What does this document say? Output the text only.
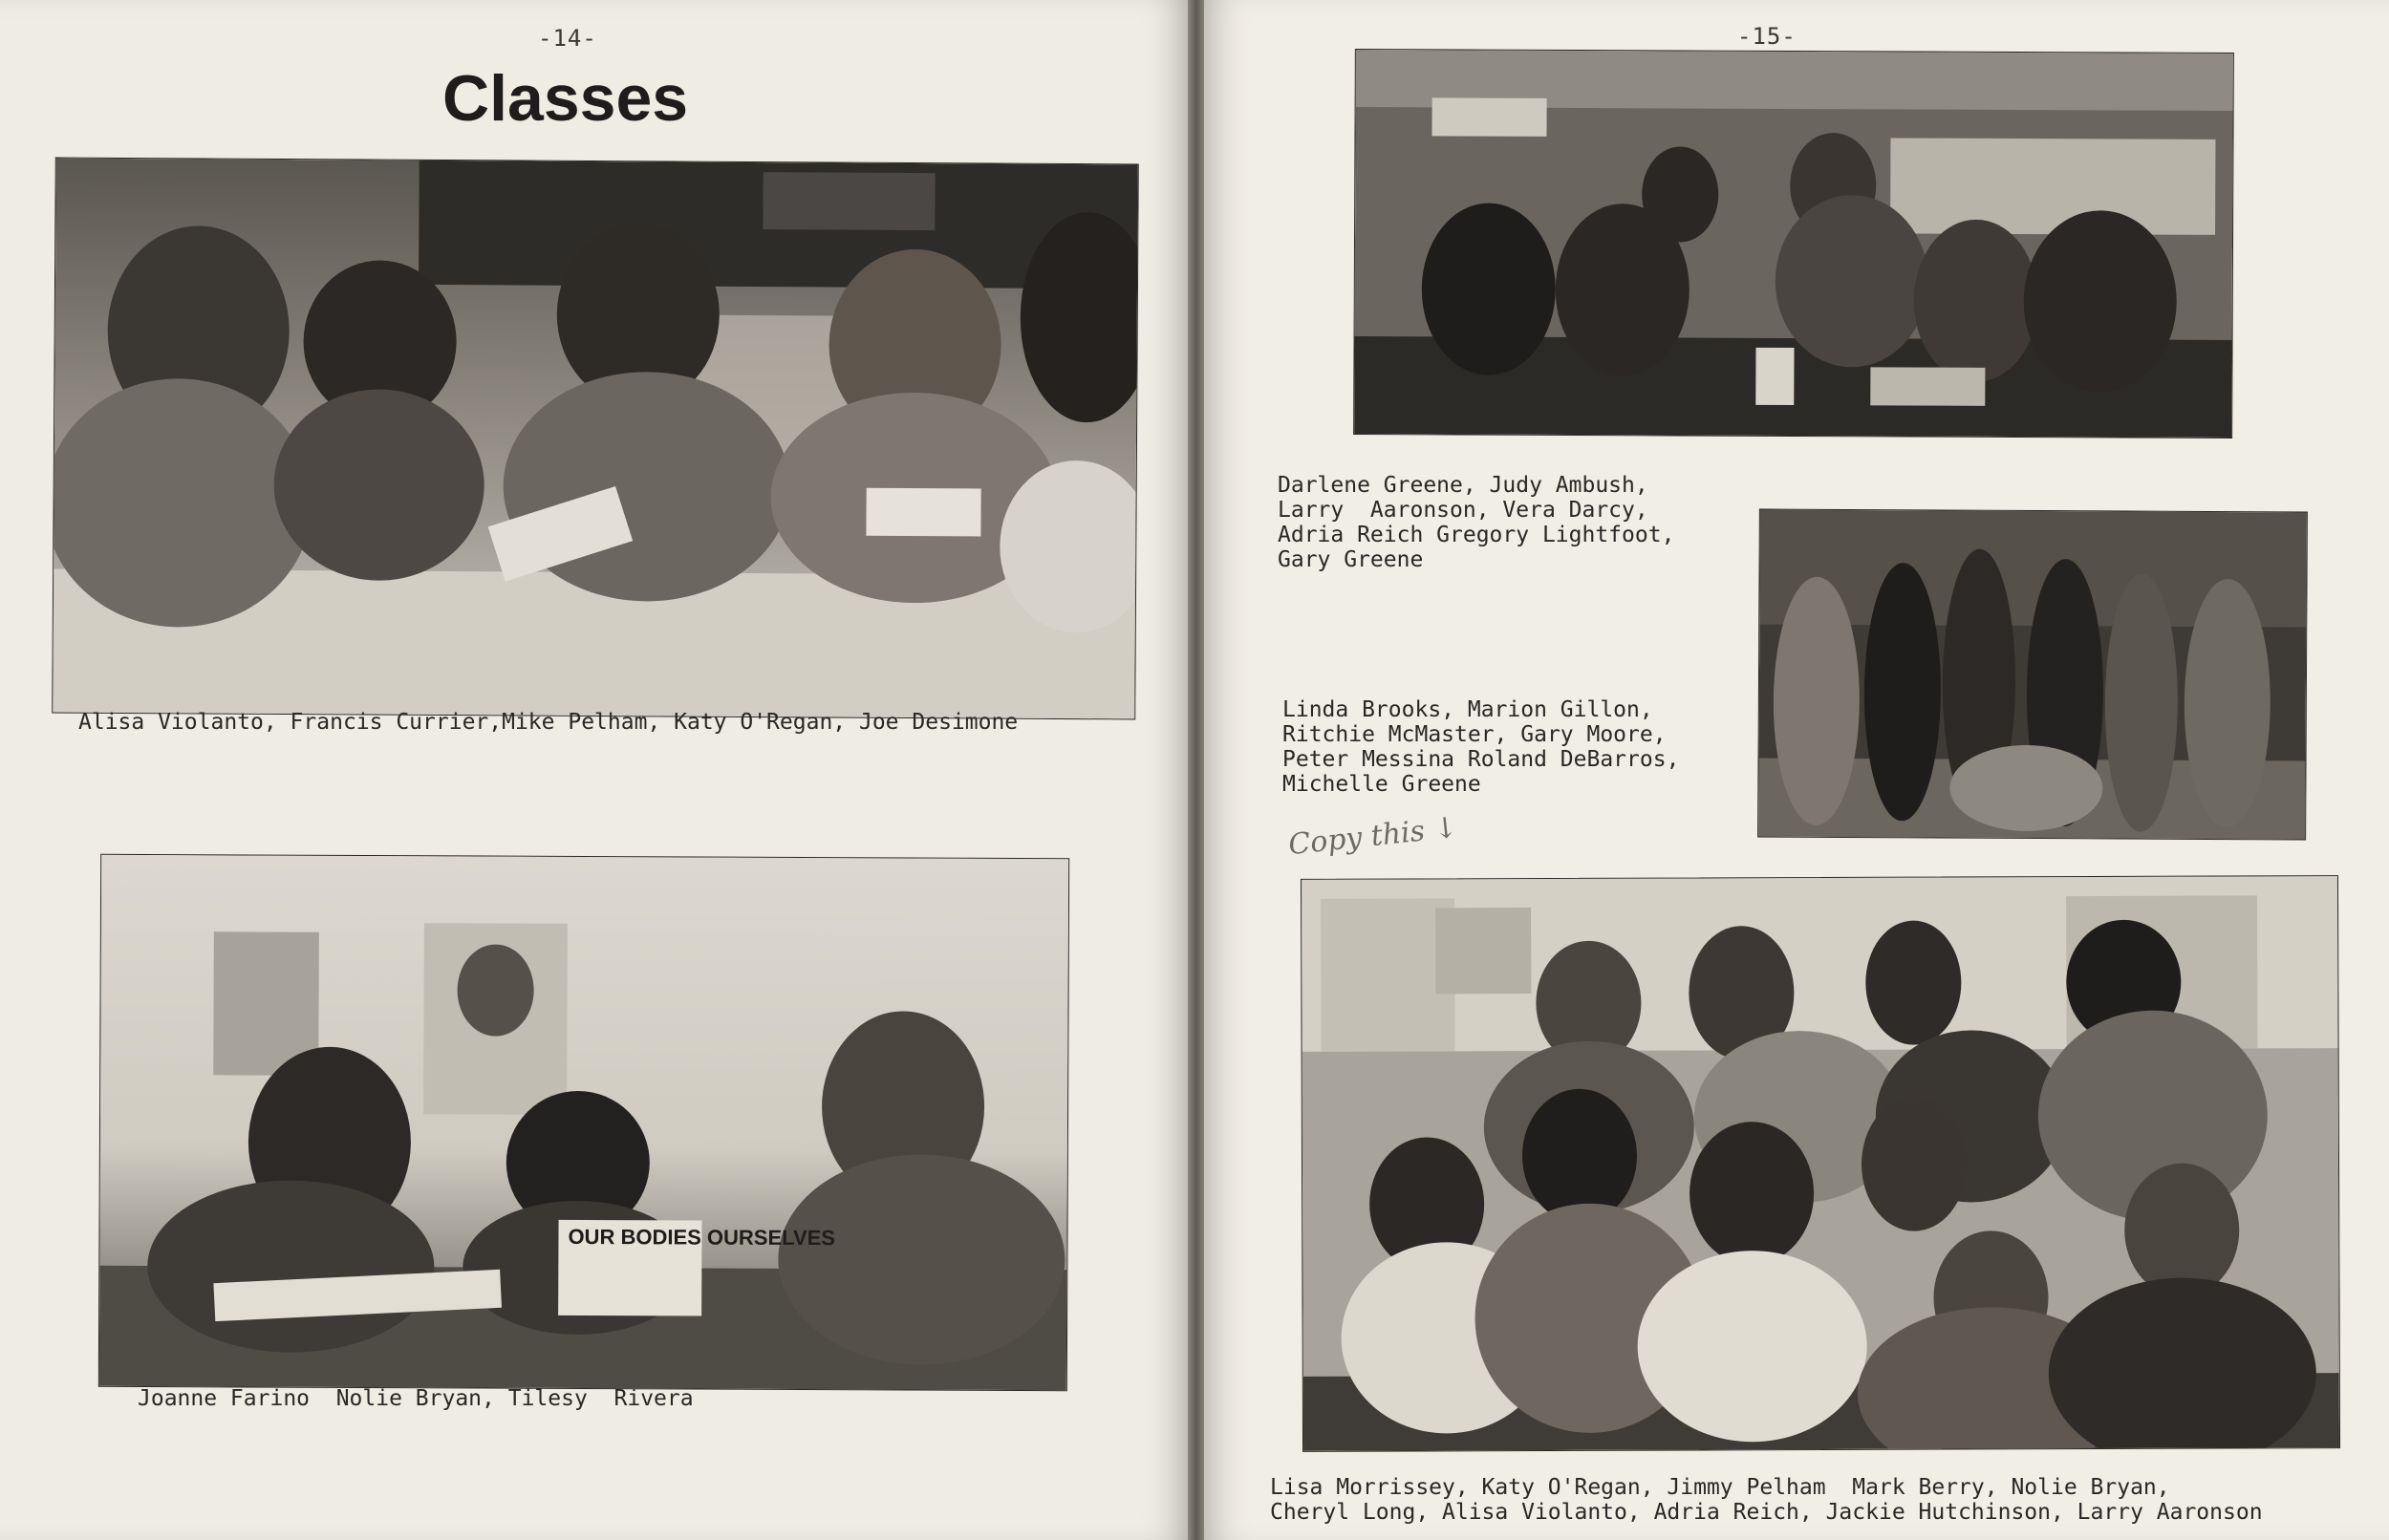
-14-
Classes
Alisa Violanto, Francis Currier,Mike Pelham, Katy O'Regan, Joe Desimone
OUR BODIES OURSELVES
Joanne Farino  Nolie Bryan, Tilesy  Rivera
-15-

Darlene Greene, Judy Ambush,
Larry  Aaronson, Vera Darcy,
Adria Reich Gregory Lightfoot,
Gary Greene

Linda Brooks, Marion Gillon,
Ritchie McMaster, Gary Moore,
Peter Messina Roland DeBarros,
Michelle Greene

Copy this ↓

Lisa Morrissey, Katy O'Regan, Jimmy Pelham  Mark Berry, Nolie Bryan,
Cheryl Long, Alisa Violanto, Adria Reich, Jackie Hutchinson, Larry Aaronson
